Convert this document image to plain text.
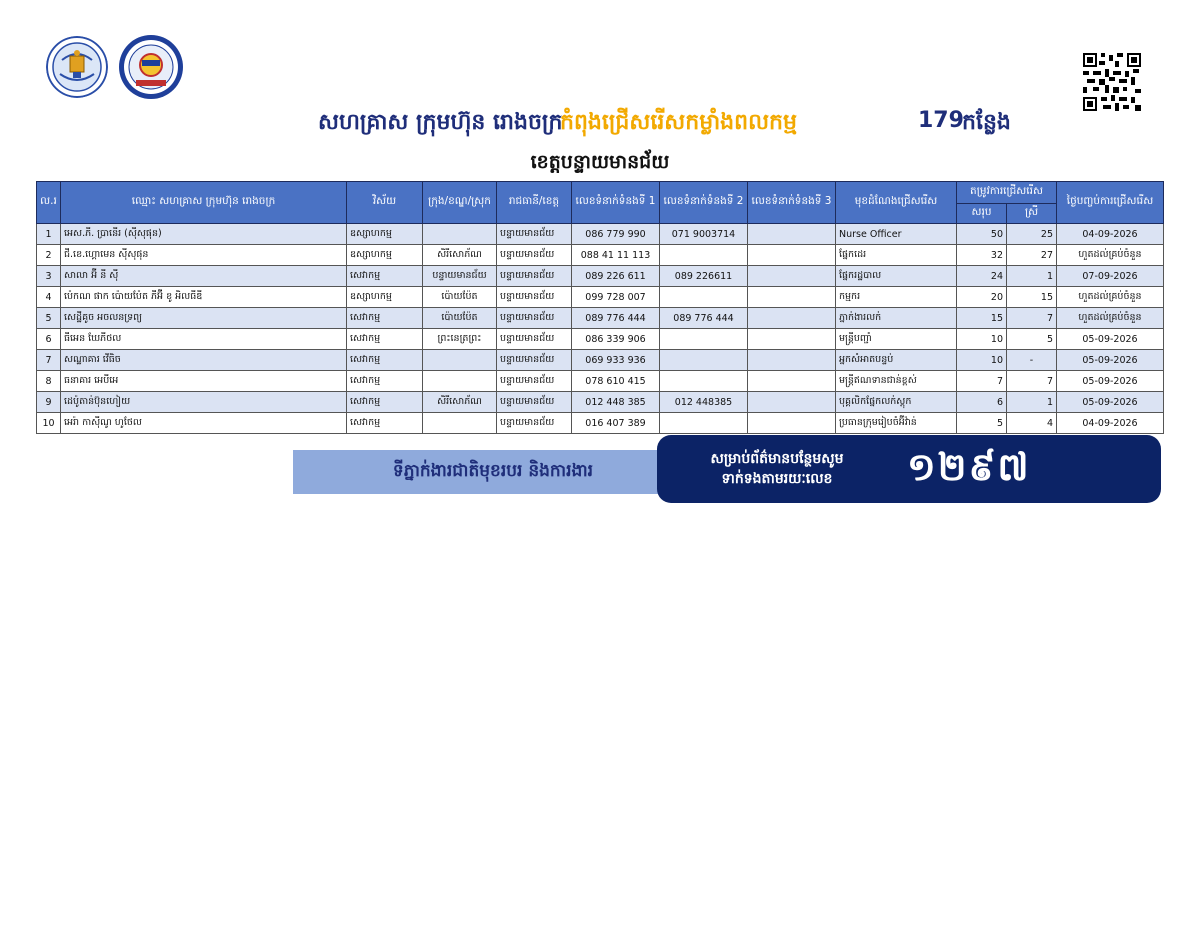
សហគ្រាស ក្រុមហ៊ុន រោងចក្រ
កំពុងជ្រើសរើសកម្លាំងពលកម្ម	179
កន្លែង
ខេត្តបន្ទាយមានជ័យ
ល.រ	ឈ្មោះ សហគ្រាស ក្រុមហ៊ុន រោងចក្រ	វិស័យ	ក្រុង/ខណ្ឌ/ស្រុក	រាជធានី/ខេត្ត	លេខទំនាក់ទំនងទី 1	លេខទំនាក់ទំនងទី 2	លេខទំនាក់ទំនងទី 3	មុខដំណែងជ្រើសរើស	តម្រូវការជ្រើសរើស		ថ្ងៃបញ្ចប់ការជ្រើសរើស
									សរុប	ស្រី	
1	អេស.ភី. ប្រានើរ (ស៊ីសុផុន)	ឧស្សាហកម្ម		បន្ទាយមានជ័យ	086 779 990	071 9003714		Nurse Officer	50	25	04-09-2026
2	ជី.ខេ.ហ្គោមេន ស៊ីសុផុន	ឧស្សាហកម្ម	សិរីសោភ័ណ	បន្ទាយមានជ័យ	088 41 11 113			ផ្នែកដេរ	32	27	ហួតដល់គ្រប់ចំនួន
3	សាលា អ៊ី នី ស៊ី	សេវាកម្ម	បន្ទាយមានជ័យ	បន្ទាយមានជ័យ	089 226 611	089 226611		ផ្នែករដ្ឋបាល	24	1	07-09-2026
4	ប៉េកណ ផាក ប៉ោយប៉ែត ភីអ៊ី ខូ អិលធីឌី	ឧស្សាហកម្ម	ប៉ោយប៉ែត	បន្ទាយមានជ័យ	099 728 007			កម្មករ	20	15	ហួតដល់គ្រប់ចំនួន
5	សេដ្ឋីគូច អចលនទ្រព្យ	សេវាកម្ម	ប៉ោយប៉ែត	បន្ទាយមានជ័យ	089 776 444	089 776 444		ភ្នាក់ងារលក់	15	7	ហួតដល់គ្រប់ចំនួន
6	ធីអេន ឃែភីថល	សេវាកម្ម	ព្រះនេត្រព្រះ	បន្ទាយមានជ័យ	086 339 906			មន្រ្តីបញ្ជាំ	10	5	05-09-2026
7	សណ្ឋាគារ វើធិច	សេវាកម្ម		បន្ទាយមានជ័យ	069 933 936			អ្នកសំអាតបន្ទប់	10	-	05-09-2026
8	ធនាគារ អេបីអេ	សេវាកម្ម		បន្ទាយមានជ័យ	078 610 415			មន្រ្តីឥណទានជាន់ខ្ពស់	7	7	05-09-2026
9	ដេប៉ូតាន់ប៊ុនហៀយ	សេវាកម្ម	សិរីសោភ័ណ	បន្ទាយមានជ័យ	012 448 385	012 448385		បុគ្គលិកផ្នែកលក់ស្តុក	6	1	05-09-2026
10	អេរ៉ា កាស៊ីណូ ហូថែល	សេវាកម្ម		បន្ទាយមានជ័យ	016 407 389			ប្រធានក្រុមរៀបចំអ៊ីវ៉ាន់	5	4	04-09-2026
ទីភ្នាក់ងារជាតិមុខរបរ និងការងារ
សម្រាប់ព័ត៌មានបន្ថែមសូម
ទាក់ទងតាមរយៈលេខ	១២៩៧
